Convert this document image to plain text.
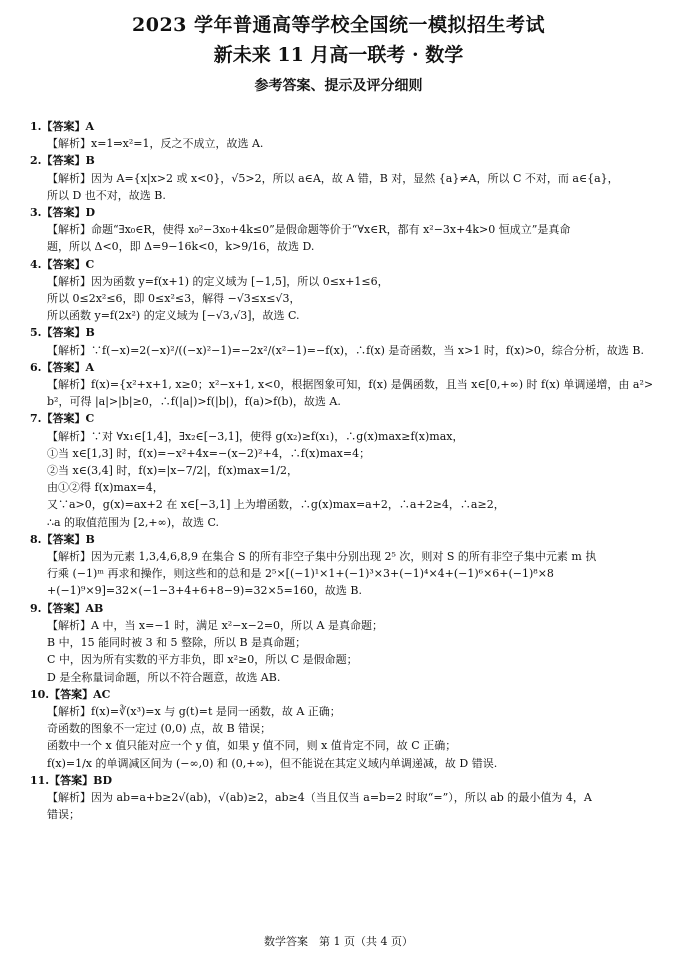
2023 学年普通高等学校全国统一模拟招生考试
新未来 11 月高一联考 · 数学
参考答案、提示及评分细则
1.【答案】A
【解析】x=1⇒x²=1，反之不成立，故选 A.
2.【答案】B
【解析】因为 A={x|x>2 或 x<0}，√5>2，所以 a∈A，故 A 错，B 对，显然 {a}≠A，所以 C 不对，而 a∈{a}，
所以 D 也不对，故选 B.
3.【答案】D
【解析】命题“∃x₀∈R，使得 x₀²−3x₀+4k≤0”是假命题等价于“∀x∈R，都有 x²−3x+4k>0 恒成立”是真命
题，所以 Δ<0，即 Δ=9−16k<0，k>9/16，故选 D.
4.【答案】C
【解析】因为函数 y=f(x+1) 的定义域为 [−1,5]，所以 0≤x+1≤6，
所以 0≤2x²≤6，即 0≤x²≤3，解得 −√3≤x≤√3，
所以函数 y=f(2x²) 的定义域为 [−√3,√3]，故选 C.
5.【答案】B
【解析】∵f(−x)=2(−x)²/((−x)²−1)=−2x²/(x²−1)=−f(x)，∴f(x) 是奇函数，当 x>1 时，f(x)>0，综合分析，故选 B.
6.【答案】A
【解析】f(x)={x²+x+1, x≥0；x²−x+1, x<0，根据图象可知，f(x) 是偶函数，且当 x∈[0,+∞) 时 f(x) 单调递增，由 a²>
b²，可得 |a|>|b|≥0，∴f(|a|)>f(|b|)，f(a)>f(b)，故选 A.
7.【答案】C
【解析】∵对 ∀x₁∈[1,4]，∃x₂∈[−3,1]，使得 g(x₂)≥f(x₁)，∴g(x)max≥f(x)max，
①当 x∈[1,3] 时，f(x)=−x²+4x=−(x−2)²+4，∴f(x)max=4；
②当 x∈(3,4] 时，f(x)=|x−7/2|，f(x)max=1/2，
由①②得 f(x)max=4，
又∵a>0，g(x)=ax+2 在 x∈[−3,1] 上为增函数，∴g(x)max=a+2，∴a+2≥4，∴a≥2，
∴a 的取值范围为 [2,+∞)，故选 C.
8.【答案】B
【解析】因为元素 1,3,4,6,8,9 在集合 S 的所有非空子集中分别出现 2⁵ 次，则对 S 的所有非空子集中元素 m 执
行乘 (−1)ᵐ 再求和操作，则这些和的总和是 2⁵×[(−1)¹×1+(−1)³×3+(−1)⁴×4+(−1)⁶×6+(−1)⁸×8
+(−1)⁹×9]=32×(−1−3+4+6+8−9)=32×5=160，故选 B.
9.【答案】AB
【解析】A 中，当 x=−1 时，满足 x²−x−2=0，所以 A 是真命题；
B 中，15 能同时被 3 和 5 整除，所以 B 是真命题；
C 中，因为所有实数的平方非负，即 x²≥0，所以 C 是假命题；
D 是全称量词命题，所以不符合题意，故选 AB.
10.【答案】AC
【解析】f(x)=∛(x³)=x 与 g(t)=t 是同一函数，故 A 正确；
奇函数的图象不一定过 (0,0) 点，故 B 错误；
函数中一个 x 值只能对应一个 y 值，如果 y 值不同，则 x 值肯定不同，故 C 正确；
f(x)=1/x 的单调减区间为 (−∞,0) 和 (0,+∞)，但不能说在其定义域内单调递减，故 D 错误.
11.【答案】BD
【解析】因为 ab=a+b≥2√(ab)，√(ab)≥2，ab≥4（当且仅当 a=b=2 时取“=”），所以 ab 的最小值为 4，A
错误；
数学答案　第 1 页（共 4 页）
